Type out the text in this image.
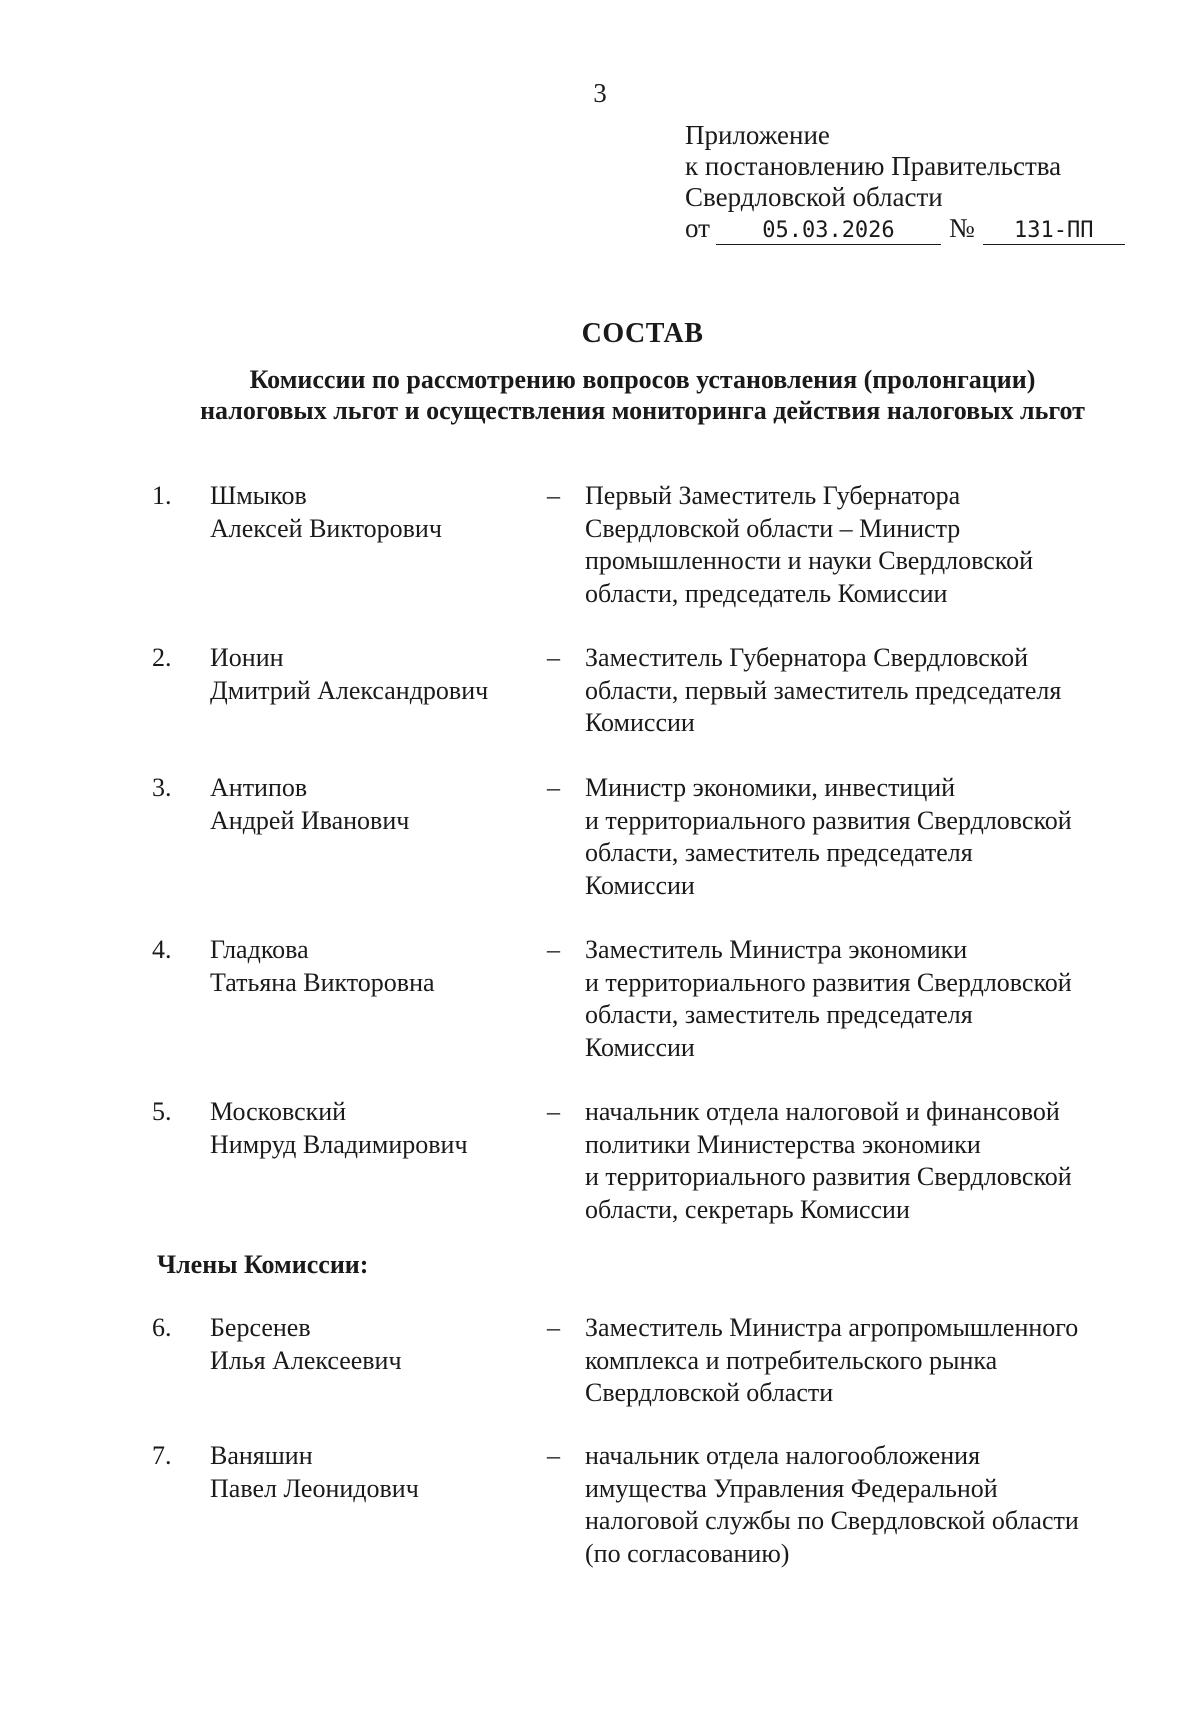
3
Приложение
к постановлению Правительства
Свердловской области
от 05.03.2026 № 131-ПП
СОСТАВ
Комиссии по рассмотрению вопросов установления (пролонгации)
налоговых льгот и осуществления мониторинга действия налоговых льгот
1. Шмыков
Алексей Викторович
– Первый Заместитель Губернатора
Свердловской области – Министр
промышленности и науки Свердловской
области, председатель Комиссии
2. Ионин
Дмитрий Александрович
– Заместитель Губернатора Свердловской
области, первый заместитель председателя
Комиссии
3. Антипов
Андрей Иванович
– Министр экономики, инвестиций
и территориального развития Свердловской
области, заместитель председателя
Комиссии
4. Гладкова
Татьяна Викторовна
– Заместитель Министра экономики
и территориального развития Свердловской
области, заместитель председателя
Комиссии
5. Московский
Нимруд Владимирович
– начальник отдела налоговой и финансовой
политики Министерства экономики
и территориального развития Свердловской
области, секретарь Комиссии
6. Берсенев
Илья Алексеевич
– Заместитель Министра агропромышленного
комплекса и потребительского рынка
Свердловской области
7. Ваняшин
Павел Леонидович
– начальник отдела налогообложения
имущества Управления Федеральной
налоговой службы по Свердловской области
(по согласованию)
Члены Комиссии:
